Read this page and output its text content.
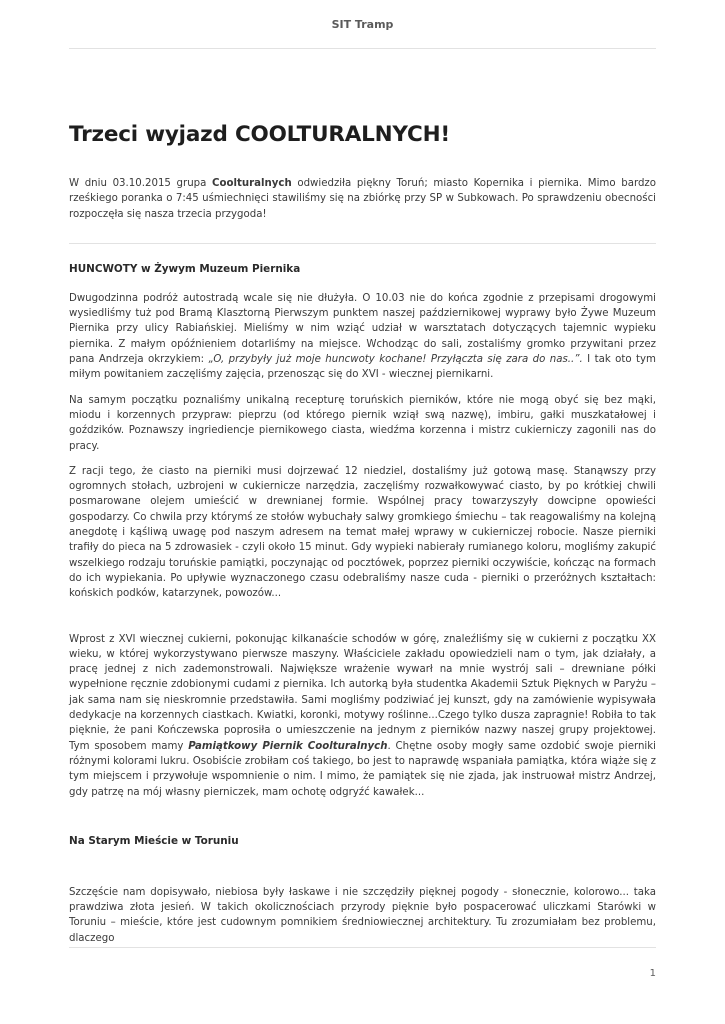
SIT Tramp
Trzeci wyjazd COOLTURALNYCH!

W dniu 03.10.2015 grupa Coolturalnych odwiedziła piękny Toruń; miasto Kopernika i piernika. Mimo bardzo rześkiego poranka o 7:45 uśmiechnięci stawiliśmy się na zbiórkę przy SP w Subkowach. Po sprawdzeniu obecności rozpoczęła się nasza trzecia przygoda!

HUNCWOTY w Żywym Muzeum Piernika

Dwugodzinna podróż autostradą wcale się nie dłużyła. O 10.03 nie do końca zgodnie z przepisami drogowymi wysiedliśmy tuż pod Bramą Klasztorną Pierwszym punktem naszej październikowej wyprawy było Żywe Muzeum Piernika przy ulicy Rabiańskiej. Mieliśmy w nim wziąć udział w warsztatach dotyczących tajemnic wypieku piernika. Z małym opóźnieniem dotarliśmy na miejsce. Wchodząc do sali, zostaliśmy gromko przywitani przez pana Andrzeja okrzykiem: „O, przybyły już moje huncwoty kochane! Przyłączta się zara do nas..”. I tak oto tym miłym powitaniem zaczęliśmy zajęcia, przenosząc się do XVI - wiecznej piernikarni.

Na samym początku poznaliśmy unikalną recepturę toruńskich pierników, które nie mogą obyć się bez mąki, miodu i korzennych przypraw: pieprzu (od którego piernik wziął swą nazwę), imbiru, gałki muszkatałowej i goździków. Poznawszy ingriediencje piernikowego ciasta, wiedźma korzenna i mistrz cukierniczy zagonili nas do pracy.

Z racji tego, że ciasto na pierniki musi dojrzewać 12 niedziel, dostaliśmy już gotową masę. Stanąwszy przy ogromnych stołach, uzbrojeni w cukiernicze narzędzia, zaczęliśmy rozwałkowywać ciasto, by po krótkiej chwili posmarowane olejem umieścić w drewnianej formie. Wspólnej pracy towarzyszyły dowcipne opowieści gospodarzy. Co chwila przy którymś ze stołów wybuchały salwy gromkiego śmiechu – tak reagowaliśmy na kolejną anegdotę i kąśliwą uwagę pod naszym adresem na temat małej wprawy w cukierniczej robocie. Nasze pierniki trafiły do pieca na 5 zdrowasiek - czyli około 15 minut. Gdy wypieki nabierały rumianego koloru, mogliśmy zakupić wszelkiego rodzaju toruńskie pamiątki, poczynając od pocztówek, poprzez pierniki oczywiście, kończąc na formach do ich wypiekania. Po upływie wyznaczonego czasu odebraliśmy nasze cuda - pierniki o przeróżnych kształtach: końskich podków, katarzynek, powozów...

Wprost z XVI wiecznej cukierni, pokonując kilkanaście schodów w górę, znaleźliśmy się w cukierni z początku XX wieku, w której wykorzystywano pierwsze maszyny. Właściciele zakładu opowiedzieli nam o tym, jak działały, a pracę jednej z nich zademonstrowali. Największe wrażenie wywarł na mnie wystrój sali – drewniane półki wypełnione ręcznie zdobionymi cudami z piernika. Ich autorką była studentka Akademii Sztuk Pięknych w Paryżu – jak sama nam się nieskromnie przedstawiła. Sami mogliśmy podziwiać jej kunszt, gdy na zamówienie wypisywała dedykacje na korzennych ciastkach. Kwiatki, koronki, motywy roślinne...Czego tylko dusza zapragnie! Robiła to tak pięknie, że pani Kończewska poprosiła o umieszczenie na jednym z pierników nazwy naszej grupy projektowej. Tym sposobem mamy Pamiątkowy Piernik Coolturalnych. Chętne osoby mogły same ozdobić swoje pierniki różnymi kolorami lukru. Osobiście zrobiłam coś takiego, bo jest to naprawdę wspaniała pamiątka, która wiąże się z tym miejscem i przywołuje wspomnienie o nim. I mimo, że pamiątek się nie zjada, jak instruował mistrz Andrzej, gdy patrzę na mój własny pierniczek, mam ochotę odgryźć kawałek...

Na Starym Mieście w Toruniu

Szczęście nam dopisywało, niebiosa były łaskawe i nie szczędziły pięknej pogody - słonecznie, kolorowo... taka prawdziwa złota jesień. W takich okolicznościach przyrody pięknie było pospacerować uliczkami Starówki w Toruniu – mieście, które jest cudownym pomnikiem średniowiecznej architektury. Tu zrozumiałam bez problemu, dlaczego

1
